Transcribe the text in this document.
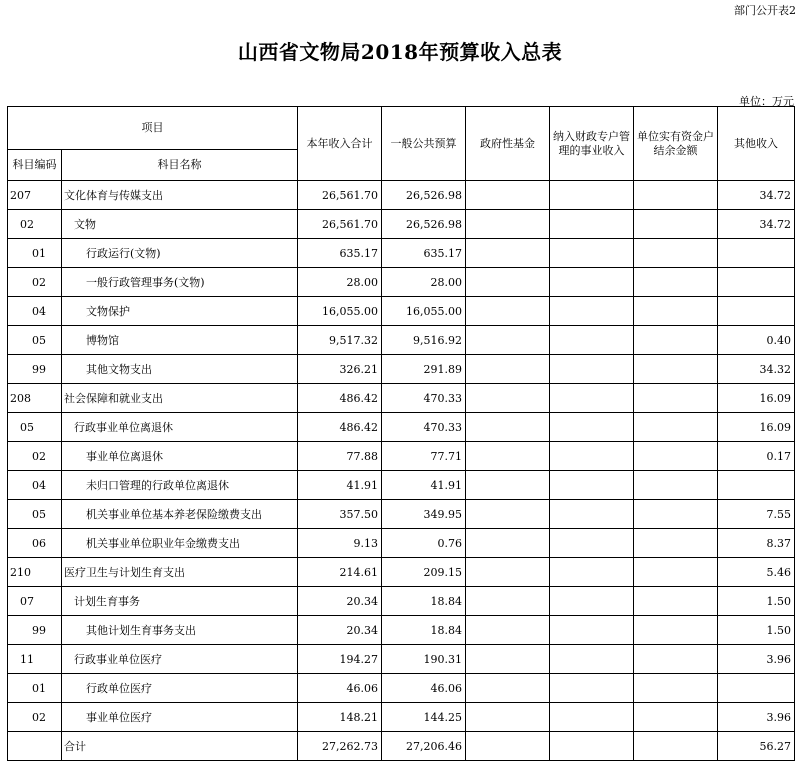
部门公开表2
山西省文物局2018年预算收入总表
单位：万元
项目		本年收入合计	一般公共预算	政府性基金	纳入财政专户管理的事业收入	单位实有资金户结余金额	其他收入
科目编码	科目名称						
207	文化体育与传媒支出	26,561.70	26,526.98				34.72
02	文物	26,561.70	26,526.98				34.72
01	行政运行(文物)	635.17	635.17				
02	一般行政管理事务(文物)	28.00	28.00				
04	文物保护	16,055.00	16,055.00				
05	博物馆	9,517.32	9,516.92				0.40
99	其他文物支出	326.21	291.89				34.32
208	社会保障和就业支出	486.42	470.33				16.09
05	行政事业单位离退休	486.42	470.33				16.09
02	事业单位离退休	77.88	77.71				0.17
04	未归口管理的行政单位离退休	41.91	41.91				
05	机关事业单位基本养老保险缴费支出	357.50	349.95				7.55
06	机关事业单位职业年金缴费支出	9.13	0.76				8.37
210	医疗卫生与计划生育支出	214.61	209.15				5.46
07	计划生育事务	20.34	18.84				1.50
99	其他计划生育事务支出	20.34	18.84				1.50
11	行政事业单位医疗	194.27	190.31				3.96
01	行政单位医疗	46.06	46.06				
02	事业单位医疗	148.21	144.25				3.96
	合计	27,262.73	27,206.46				56.27
